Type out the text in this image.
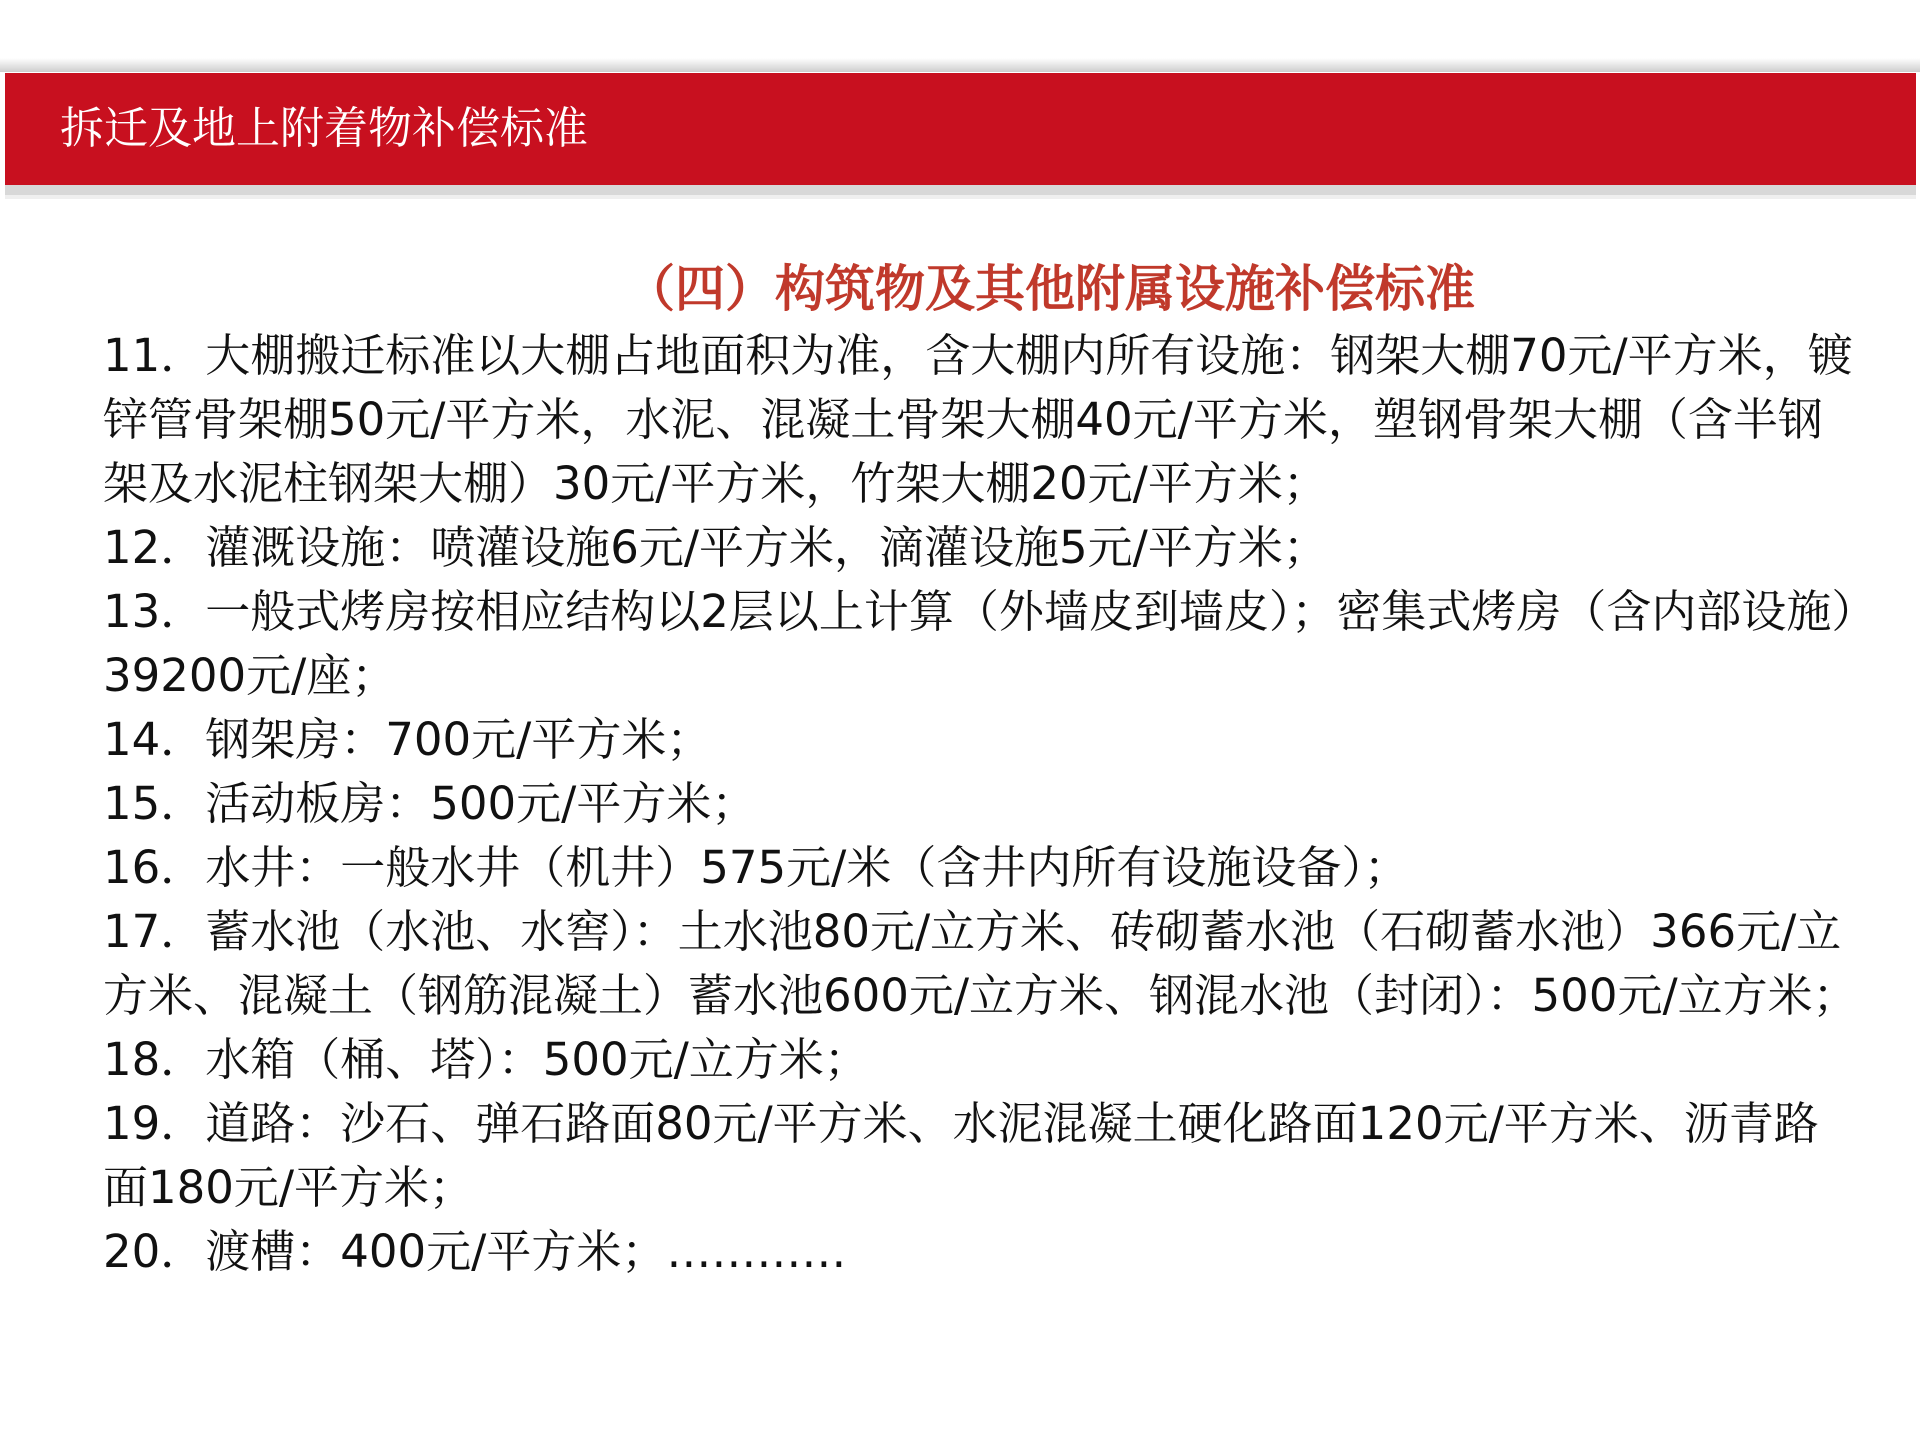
拆迁及地上附着物补偿标准
（四）构筑物及其他附属设施补偿标准

11．大棚搬迁标准以大棚占地面积为准，含大棚内所有设施：钢架大棚70元/平方米，镀锌管骨架棚50元/平方米，水泥、混凝土骨架大棚40元/平方米，塑钢骨架大棚（含半钢架及水泥柱钢架大棚）30元/平方米，竹架大棚20元/平方米；

12．灌溉设施：喷灌设施6元/平方米，滴灌设施5元/平方米；

13．一般式烤房按相应结构以2层以上计算（外墙皮到墙皮）；密集式烤房（含内部设施）39200元/座；

14．钢架房：700元/平方米；

15．活动板房：500元/平方米；

16．水井：一般水井（机井）575元/米（含井内所有设施设备）；

17．蓄水池（水池、水窖）：土水池80元/立方米、砖砌蓄水池（石砌蓄水池）366元/立方米、混凝土（钢筋混凝土）蓄水池600元/立方米、钢混水池（封闭）：500元/立方米；

18．水箱（桶、塔）：500元/立方米；

19．道路：沙石、弹石路面80元/平方米、水泥混凝土硬化路面120元/平方米、沥青路面180元/平方米；

20．渡槽：400元/平方米；…………
